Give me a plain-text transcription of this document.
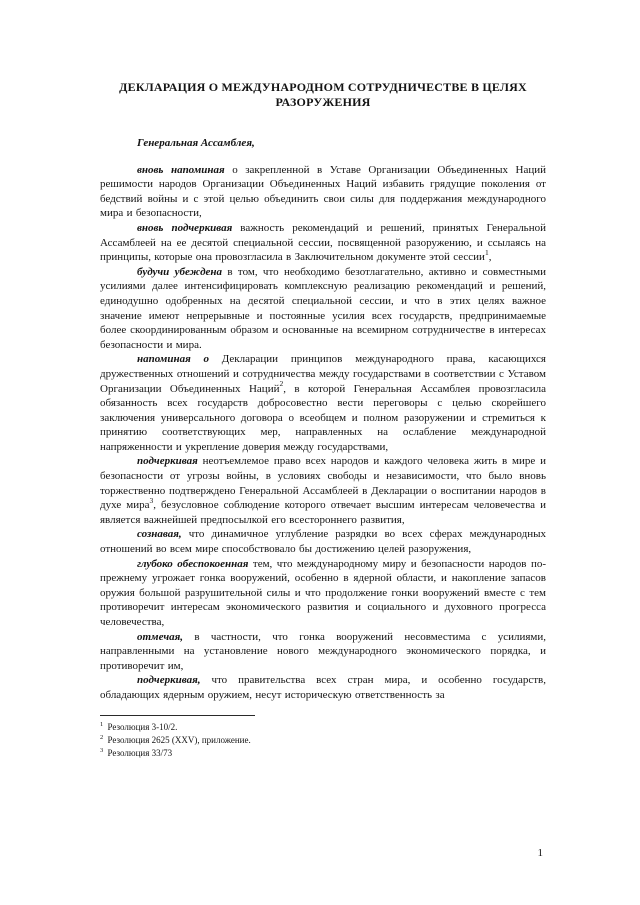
ДЕКЛАРАЦИЯ О МЕЖДУНАРОДНОМ СОТРУДНИЧЕСТВЕ В ЦЕЛЯХ РАЗОРУЖЕНИЯ

Генеральная Ассамблея,

вновь напоминая о закрепленной в Уставе Организации Объединенных Наций решимости народов Организации Объединенных Наций избавить грядущие поколения от бедствий войны и с этой целью объединить свои силы для поддержания международного мира и безопасности,

вновь подчеркивая важность рекомендаций и решений, принятых Генеральной Ассамблеей на ее десятой специальной сессии, посвященной разоружению, и ссылаясь на принципы, которые она провозгласила в Заключительном документе этой сессии$^1$,

будучи убеждена в том, что необходимо безотлагательно, активно и совместными усилиями далее интенсифицировать комплексную реализацию рекомендаций и решений, единодушно одобренных на десятой специальной сессии, и что в этих целях важное значение имеют непрерывные и постоянные усилия всех государств, предпринимаемые более скоординированным образом и основанные на всемирном сотрудничестве в интересах безопасности и мира.

напоминая о Декларации принципов международного права, касающихся дружественных отношений и сотрудничества между государствами в соответствии с Уставом Организации Объединенных Наций$^2$, в которой Генеральная Ассамблея провозгласила обязанность всех государств добросовестно вести переговоры с целью скорейшего заключения универсального договора о всеобщем и полном разоружении и стремиться к принятию соответствующих мер, направленных на ослабление международной напряженности и укрепление доверия между государствами,

подчеркивая неотъемлемое право всех народов и каждого человека жить в мире и безопасности от угрозы войны, в условиях свободы и независимости, что было вновь торжественно подтверждено Генеральной Ассамблеей в Декларации о воспитании народов в духе мира$^3$, безусловное соблюдение которого отвечает высшим интересам человечества и является важнейшей предпосылкой его всестороннего развития,

сознавая, что динамичное углубление разрядки во всех сферах международных отношений во всем мире способствовало бы достижению целей разоружения,

глубоко обеспокоенная тем, что международному миру и безопасности народов по-прежнему угрожает гонка вооружений, особенно в ядерной области, и накопление запасов оружия большой разрушительной силы и что продолжение гонки вооружений вместе с тем противоречит интересам экономического развития и социального и духовного прогресса человечества,

отмечая, в частности, что гонка вооружений несовместима с усилиями, направленными на установление нового международного экономического порядка, и противоречит им,

подчеркивая, что правительства всех стран мира, и особенно государств, обладающих ядерным оружием, несут историческую ответственность за

$^1$ Резолюция 3-10/2.

$^2$ Резолюция 2625 (XXV), приложение.

$^3$ Резолюция 33/73

1
